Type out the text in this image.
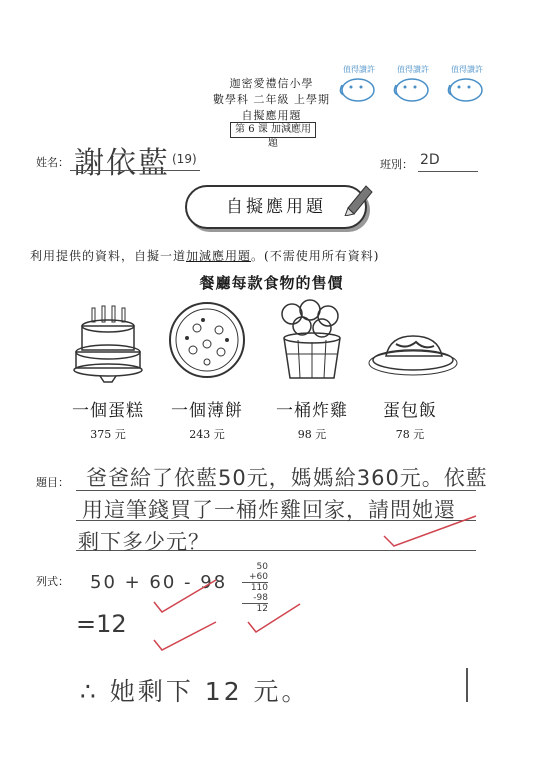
迦密愛禮信小學
數學科 二年級 上學期
自擬應用題
第 6 课 加減應用題
值得讚許	值得讚許	值得讚許
姓名： 謝依藍 (19)	班別： 2D
自擬應用題
利用提供的資料，自擬一道加減應用題。(不需使用所有資料)
餐廳每款食物的售價
一個蛋糕	一個薄餅	一桶炸雞	蛋包飯
375 元	243 元	98 元	78 元
題目： 爸爸給了依藍50元，媽媽給360元。依藍
用這筆錢買了一桶炸雞回家，請問她還
剩下多少元？
列式： 50 + 60 - 98
=12
50
+60
110
-98
12
∴ 她剩下 12 元。
